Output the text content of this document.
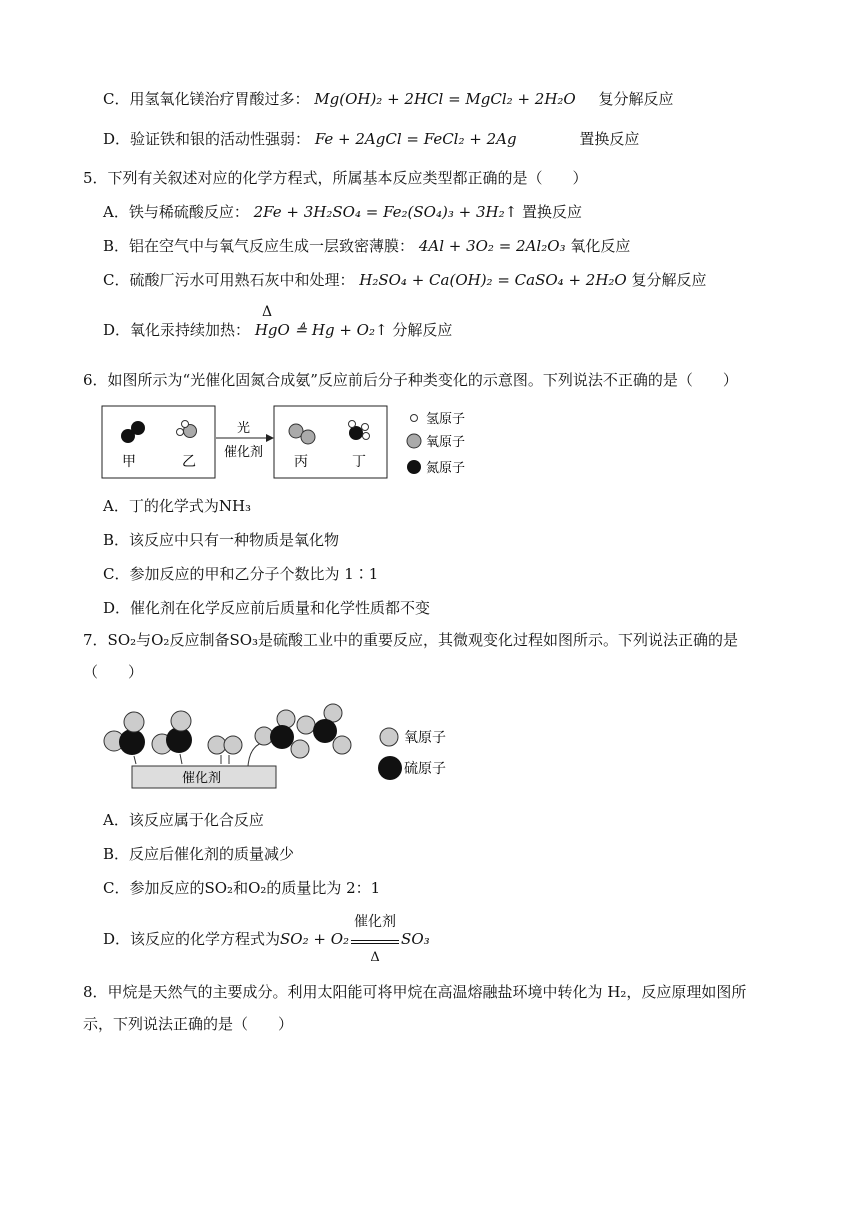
C．用氢氧化镁治疗胃酸过多： Mg(OH)₂ + 2HCl = MgCl₂ + 2H₂O 复分解反应
D．验证铁和银的活动性强弱： Fe + 2AgCl = FeCl₂ + 2Ag	置换反应
5．下列有关叙述对应的化学方程式，所属基本反应类型都正确的是（　　）
A．铁与稀硫酸反应： 2Fe + 3H₂SO₄ = Fe₂(SO₄)₃ + 3H₂↑ 置换反应
B．铝在空气中与氧气反应生成一层致密薄膜： 4Al + 3O₂ = 2Al₂O₃ 氧化反应
C．硫酸厂污水可用熟石灰中和处理： H₂SO₄ + Ca(OH)₂ = CaSO₄ + 2H₂O 复分解反应
Δ
D．氧化汞持续加热： HgO ≜ Hg + O₂↑ 分解反应
6．如图所示为“光催化固氮合成氨”反应前后分子种类变化的示意图。下列说法不正确的是（　　）
甲	乙
光
催化剂
丙	丁
氢原子
氧原子
氮原子
A．丁的化学式为NH₃
B．该反应中只有一种物质是氧化物
C．参加反应的甲和乙分子个数比为 1∶1
D．催化剂在化学反应前后质量和化学性质都不变
7．SO₂与O₂反应制备SO₃是硫酸工业中的重要反应，其微观变化过程如图所示。下列说法正确的是
（　　）
催化剂
氧原子
硫原子
A．该反应属于化合反应
B．反应后催化剂的质量减少
C．参加反应的SO₂和O₂的质量比为 2：1
D．该反应的化学方程式为$SO_2 + O_2 \frac{\text{催化剂}}{\Delta} SO_3$
8．甲烷是天然气的主要成分。利用太阳能可将甲烷在高温熔融盐环境中转化为 H₂，反应原理如图所
示，下列说法正确的是（　　）
